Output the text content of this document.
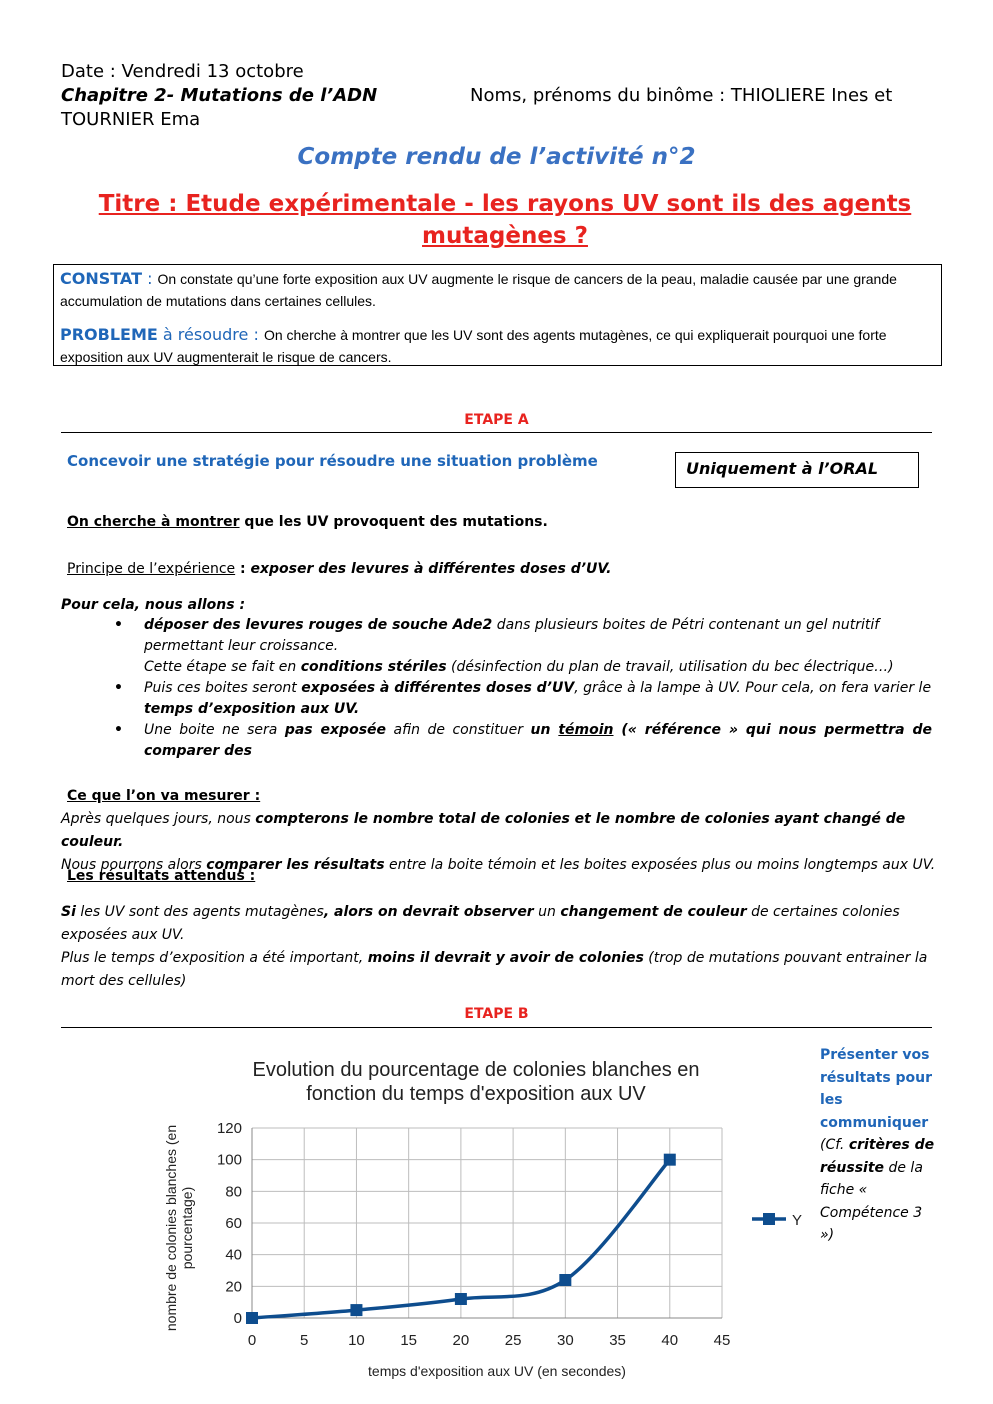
Date : Vendredi 13 octobre
Chapitre 2- Mutations de l’ADN	Noms, prénoms du binôme : THIOLIERE Ines et
TOURNIER Ema
Compte rendu de l’activité n°2
Titre : Etude expérimentale - les rayons UV sont ils des agents mutagènes ?

CONSTAT : On constate qu’une forte exposition aux UV augmente le risque de cancers de la peau, maladie causée par une grande accumulation de mutations dans certaines cellules.

PROBLEME à résoudre : On cherche à montrer que les UV sont des agents mutagènes, ce qui expliquerait pourquoi une forte exposition aux UV augmenterait le risque de cancers.

ETAPE A
Concevoir une stratégie pour résoudre une situation problème	Uniquement à l’ORAL
On cherche à montrer que les UV provoquent des mutations.
Principe de l’expérience : exposer des levures à différentes doses d’UV.
Pour cela, nous allons :
• déposer des levures rouges de souche Ade2 dans plusieurs boites de Pétri contenant un gel nutritif permettant leur croissance.
Cette étape se fait en conditions stériles (désinfection du plan de travail, utilisation du bec électrique…)
• Puis ces boites seront exposées à différentes doses d’UV, grâce à la lampe à UV. Pour cela, on fera varier le temps d’exposition aux UV.
• Une boite ne sera pas exposée afin de constituer un témoin (« référence » qui nous permettra de comparer des
Ce que l’on va mesurer :
Après quelques jours, nous compterons le nombre total de colonies et le nombre de colonies ayant changé de couleur.
Nous pourrons alors comparer les résultats entre la boite témoin et les boites exposées plus ou moins longtemps aux UV.
Les résultats attendus :
Si les UV sont des agents mutagènes, alors on devrait observer un changement de couleur de certaines colonies exposées aux UV.
Plus le temps d’exposition a été important, moins il devrait y avoir de colonies (trop de mutations pouvant entrainer la mort des cellules)
ETAPE B
Evolution du pourcentage de colonies blanches en fonction du temps d'exposition aux UV
0
20
40
60
80
100
120
0	5	10 15 20 25 30 35 40 45
nombre de colonies blanches (enpourcentage)
temps d'exposition aux UV (en secondes)
Y
Présenter vos résultats pour les communiquer
(Cf. critères de réussite de la fiche « Compétence 3 »)
